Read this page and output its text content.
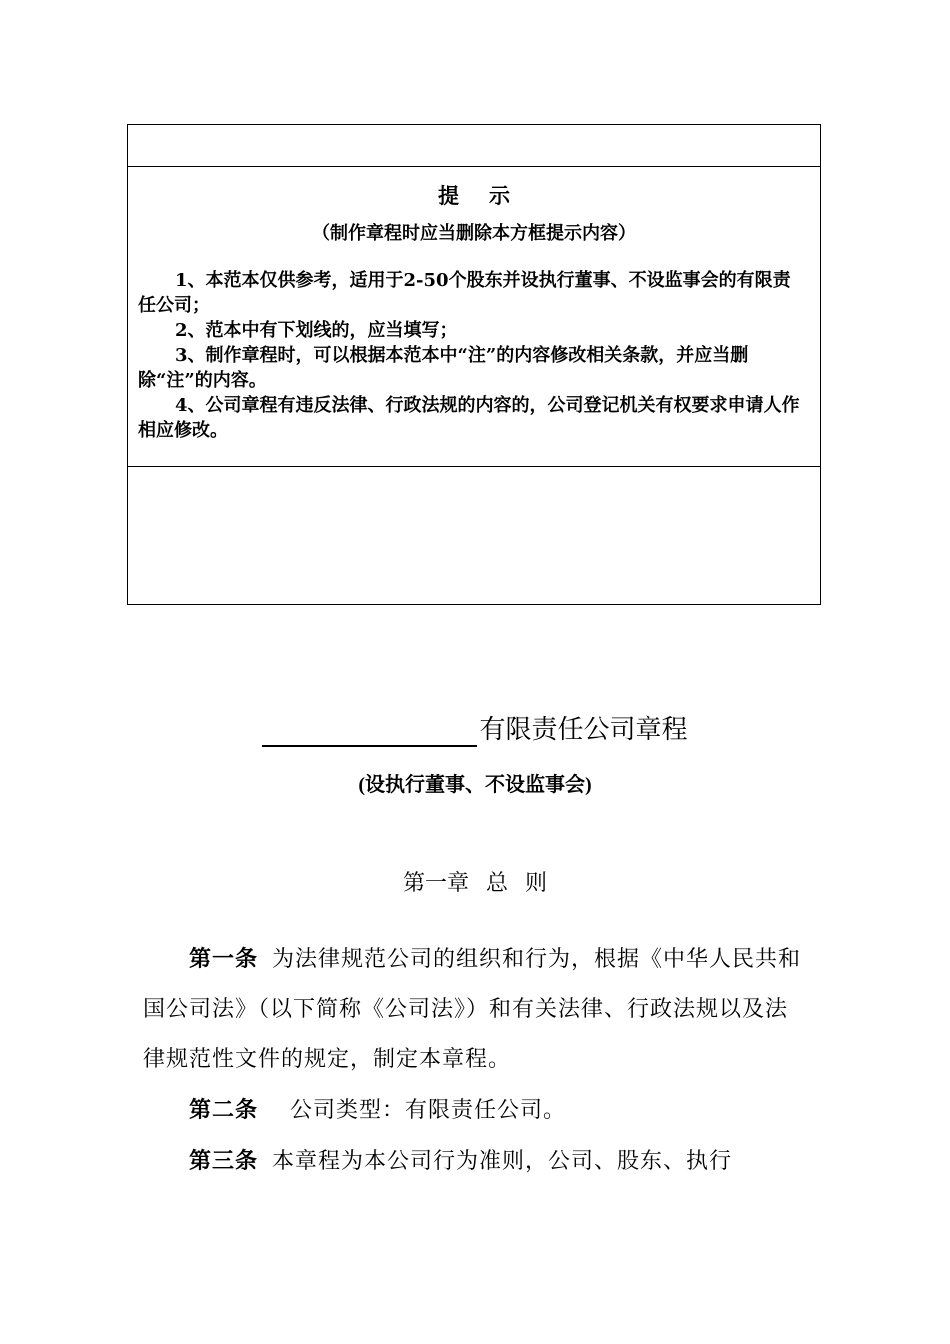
提示
（制作章程时应当删除本方框提示内容）

1、本范本仅供参考，适用于2-50个股东并设执行董事、不设监事会的有限责任公司；

2、范本中有下划线的，应当填写；

3、制作章程时，可以根据本范本中“注”的内容修改相关条款，并应当删除“注”的内容。

4、公司章程有违反法律、行政法规的内容的，公司登记机关有权要求申请人作相应修改。

有限责任公司章程
(设执行董事、不设监事会)
第一章 总 则

第一条 为法律规范公司的组织和行为，根据《中华人民共和国公司法》（以下简称《公司法》）和有关法律、行政法规以及法律规范性文件的规定，制定本章程。

第二条 公司类型：有限责任公司。

第三条 本章程为本公司行为准则，公司、股东、执行
